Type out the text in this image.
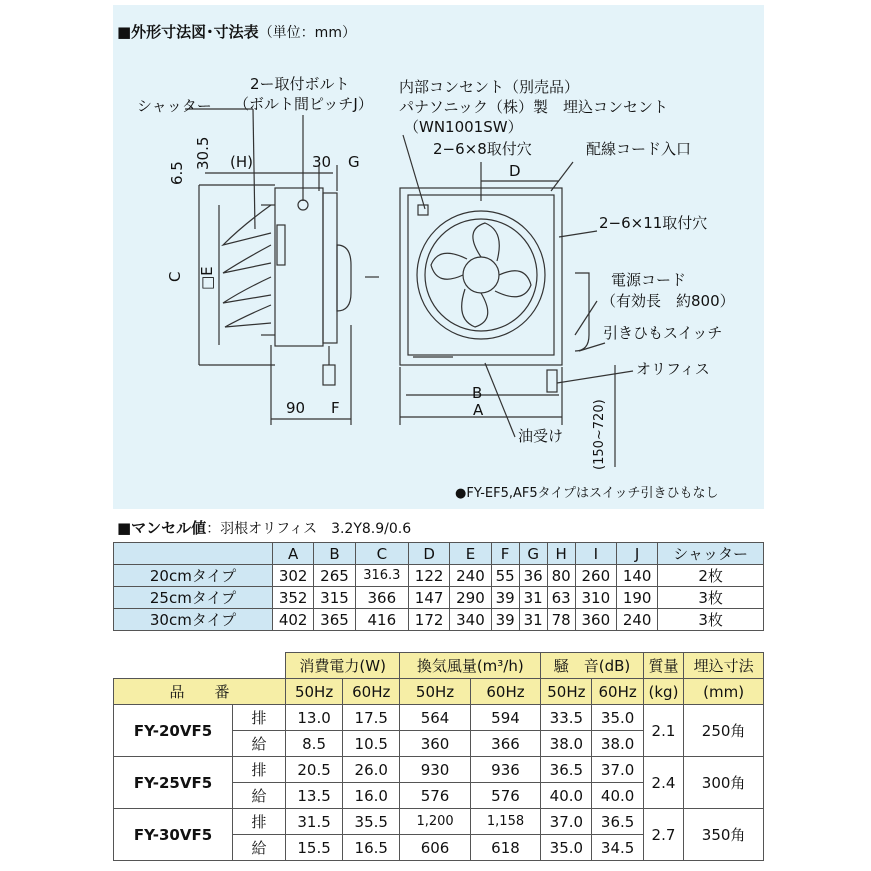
■外形寸法図･寸法表（単位：mm）
2ー取付ボルト
（ボルト間ピッチJ）
シャッター
内部コンセント（別売品）
パナソニック（株）製　埋込コンセント
（WN1001SW）
2−6×8取付穴	配線コード入口
2−6×11取付穴
電源コード
（有効長　約800）
引きひもスイッチ
オリフィス
油受け
6.5
30.5 (H)	30 G
C □E
90 F
D
B
A	(150~720)
●FY-EF5,AF5タイプはスイッチ引きひもなし
■マンセル値：羽根オリフィス　3.2Y8.9/0.6
	A	B	C	D	E	F	G	H	I	J	シャッター
20cmタイプ	302	265	316.3	122	240	55	36	80	260	140	2枚
25cmタイプ	352	315	366	147	290	39	31	63	310	190	3枚
30cmタイプ	402	365	416	172	340	39	31	78	360	240	3枚
		消費電力(W)		換気風量(m³/h)		騒　音(dB)		質量	埋込寸法
品　　番		50Hz	60Hz	50Hz	60Hz	50Hz	60Hz	(kg)	(mm)
FY-20VF5	排	13.0	17.5	564	594	33.5	35.0	2.1	250角
	給	8.5	10.5	360	366	38.0	38.0		
FY-25VF5	排	20.5	26.0	930	936	36.5	37.0	2.4	300角
	給	13.5	16.0	576	576	40.0	40.0		
FY-30VF5	排	31.5	35.5	1,200	1,158	37.0	36.5	2.7	350角
	給	15.5	16.5	606	618	35.0	34.5		
